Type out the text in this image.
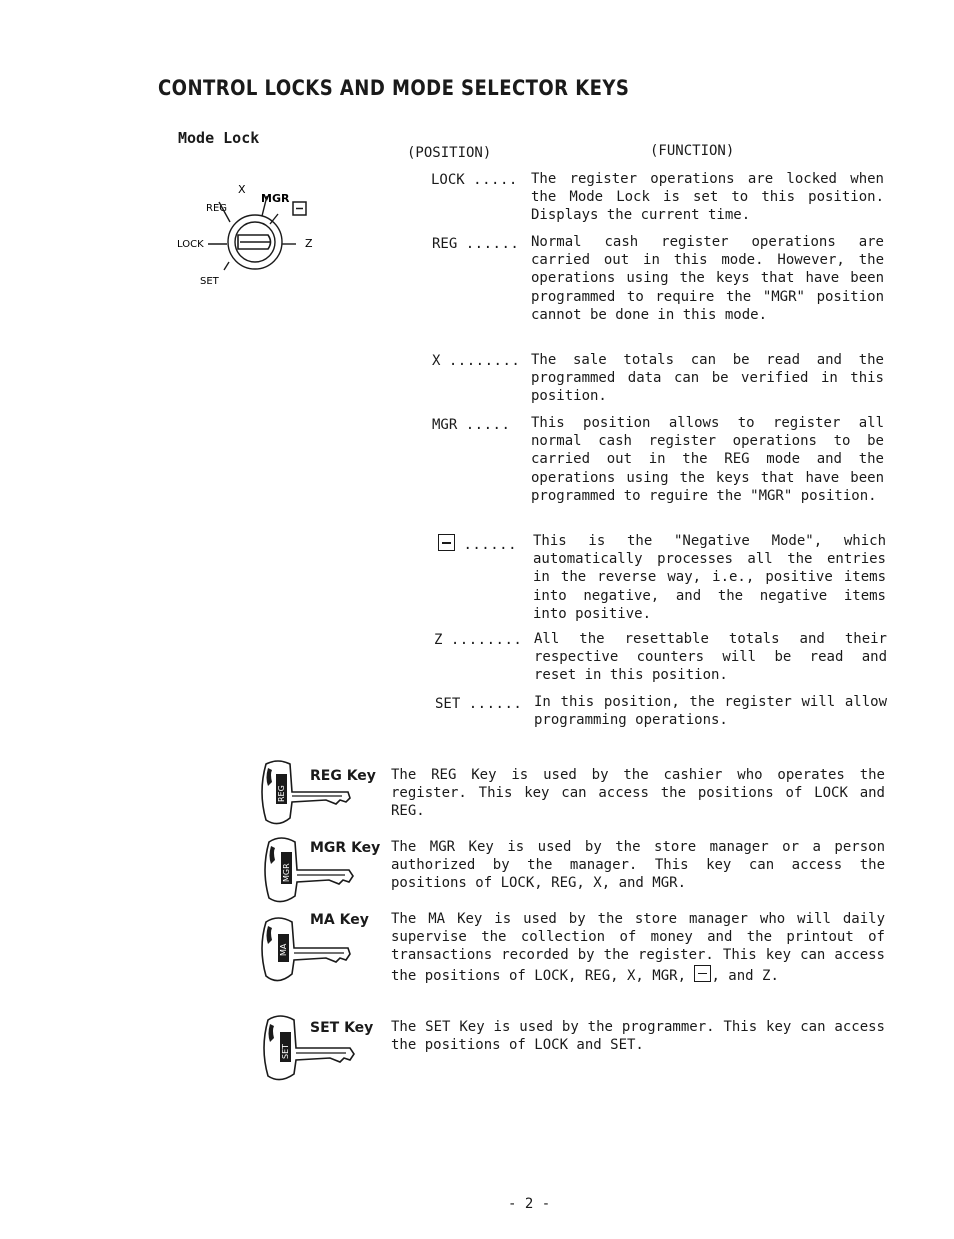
CONTROL LOCKS AND MODE SELECTOR KEYS
Mode Lock
X
MGR
REG
LOCK	Z
SET
(POSITION)	(FUNCTION)
LOCK ..... The register operations are locked when the Mode Lock is set to this position. Displays the current time.
REG ...... Normal cash register operations are carried out in this mode. However, the operations using the keys that have been programmed to require the "MGR" position cannot be done in this mode.
X ........ The sale totals can be read and the programmed data can be verified in this position.
MGR .....	This position allows to register all normal cash register operations to be carried out in the REG mode and the operations using the keys that have been programmed to reguire the "MGR" position.
......	This is the "Negative Mode", which automatically processes all the entries in the reverse way, i.e., positive items into negative, and the negative items into positive.
Z ........ All the resettable totals and their respective counters will be read and reset in this position.
SET ...... In this position, the register will allow programming operations.
REG
REG Key The REG Key is used by the cashier who operates the register. This key can access the positions of LOCK and REG.
MGR
MGR Key The MGR Key is used by the store manager or a person authorized by the manager. This key can access the positions of LOCK, REG, X, and MGR.
MA
MA Key The MA Key is used by the store manager who will daily supervise the collection of money and the printout of transactions recorded by the register. This key can access the positions of LOCK, REG, X, MGR, , and Z.
SET
SET Key The SET Key is used by the programmer. This key can access the positions of LOCK and SET.
- 2 -
